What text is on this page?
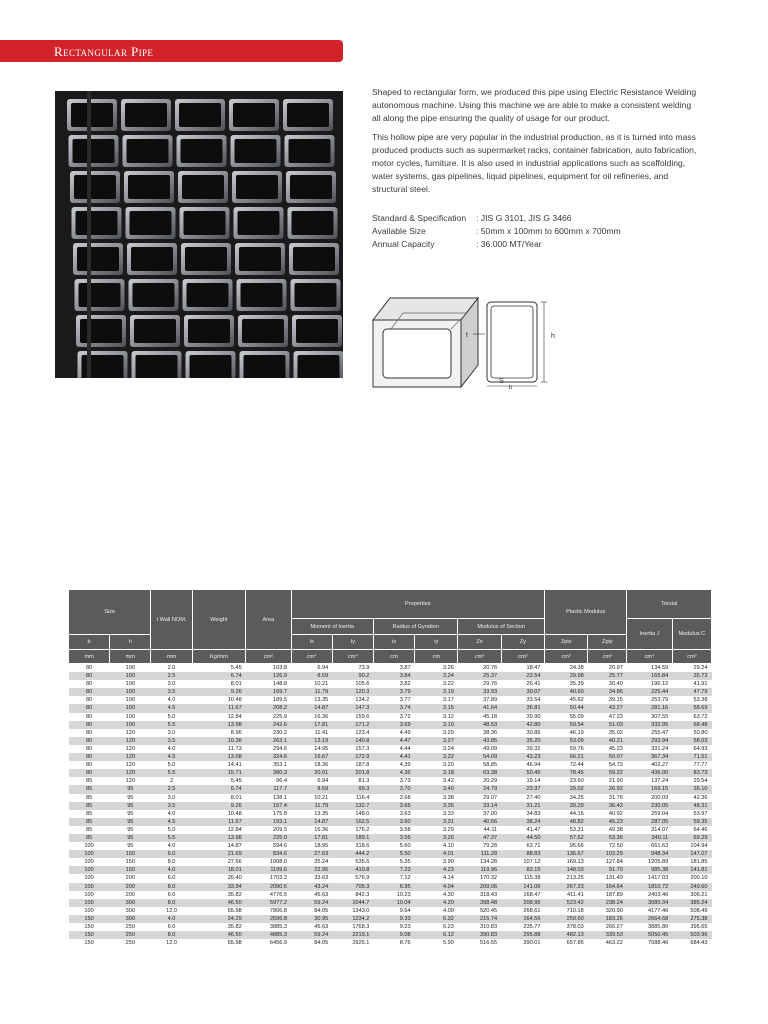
Rectangular Pipe

Shaped to rectangular form, we produced this pipe using Electric Resistance Welding autonomous machine. Using this machine we are able to make a consistent welding all along the pipe ensuring the quality of usage for our product.

This hollow pipe are very popular in the industrial production, as it is turned into mass produced products such as supermarket racks, container fabrication, auto fabrication, motor cycles, furniture. It is also used in industrial applications such as scaffolding, water systems, gas pipelines, liquid pipelines, equipment for oil refineries, and structural steel.

Standard & Specification	: JIS G 3101, JIS G 3466
Available Size	: 50mm x 100mm to 600mm x 700mm
Annual Capacity	: 36.000 MT/Year
h
t
S
b
Size		t Wall NOM.	Weight	Area	Properties						Plastic Modulus		Torsial	
					Moment of Inertia		Radius of Gyration		Modulus of Section				Inertia J	Modulus C
b	h				Ix	Iy	ix	iy	Zx	Zy	Zpix	Zpiy		
mm	mm	mm	Kg/mm	cm²	cm⁴	cm⁴	cm	cm	cm³	cm³	cm³	cm³	cm⁴	cm³
80	100	2.0	5.45	103.8	6.94	73.9	3.87	3.26	20.76	18.47	24.38	20.97	134.59	29.24
80	100	2.5	6.74	126.9	8.59	90.2	3.84	3.24	25.37	22.54	29.98	25.77	165.84	35.73
80	100	3.0	8.01	148.8	10.21	105.6	3.82	3.22	29.76	26.41	35.39	30.40	196.12	41.91
80	100	3.5	9.26	169.7	11.79	120.3	3.79	3.19	33.93	30.07	40.60	34.86	225.44	47.79
80	100	4.0	10.48	189.5	13.35	134.2	3.77	3.17	37.89	33.54	45.62	39.15	253.79	53.38
80	100	4.5	11.67	208.2	14.87	147.3	3.74	3.15	41.64	36.81	50.44	43.27	281.16	58.69
80	100	5.0	12.84	225.9	16.36	159.6	3.72	3.12	45.18	39.90	55.09	47.23	307.55	63.72
80	100	5.5	13.98	242.6	17.81	171.2	3.69	3.10	48.53	42.80	59.54	51.03	332.95	68.48
80	120	3.0	8.96	230.2	11.41	123.4	4.49	3.29	38.36	30.86	46.19	35.02	255.47	50.80
80	120	3.5	10.36	263.1	13.19	140.8	4.47	3.27	43.85	35.20	53.09	40.21	293.94	58.03
80	120	4.0	11.73	294.6	14.95	157.3	4.44	3.24	49.09	39.32	59.76	45.23	331.24	64.93
80	120	4.5	13.08	324.6	16.67	172.9	4.41	3.22	54.09	43.23	66.21	50.07	367.34	71.51
80	120	5.0	14.41	353.1	18.36	187.8	4.39	3.20	58.85	46.94	72.44	54.73	402.27	77.77
80	120	5.5	15.71	380.3	20.01	201.8	4.36	3.18	63.38	50.45	78.45	59.22	436.00	83.73
85	120	2	5.45	96.4	6.94	81.3	3.73	3.42	20.29	19.14	23.60	21.90	137.24	29.54
85	95	2.5	6.74	117.7	8.59	99.3	3.70	3.40	24.79	23.37	29.02	26.92	169.15	36.10
85	95	3.0	8.01	138.1	10.21	116.4	3.68	3.38	29.07	27.40	34.25	31.76	200.09	42.36
85	95	3.5	9.26	157.4	11.79	132.7	3.65	3.35	33.14	31.21	39.29	36.42	230.05	48.31
85	95	4.0	10.48	175.8	13.35	148.0	3.63	3.33	37.00	34.83	44.15	40.92	259.04	53.97
85	95	4.5	11.67	193.1	14.87	162.5	3.60	3.31	40.66	38.24	48.82	45.23	287.05	59.35
85	95	5.0	12.84	209.5	16.36	176.2	3.58	3.29	44.11	41.47	53.31	49.38	314.07	64.46
85	95	5.5	13.98	225.0	17.81	189.1	3.55	3.26	47.37	44.50	57.62	53.36	340.11	69.29
100	95	4.0	14.87	594.6	18.95	318.6	5.60	4.10	79.28	63.71	95.66	72.50	661.63	104.94
100	150	6.0	21.69	834.6	27.63	444.2	5.50	4.01	111.28	88.83	136.67	103.29	948.34	147.07
100	150	8.0	27.66	1008.0	35.24	535.6	5.35	3.90	134.28	107.12	169.13	127.84	1205.89	181.85
100	150	4.0	18.01	1199.6	22.95	410.8	7.23	4.23	119.96	82.15	148.03	91.70	985.38	141.81
100	200	6.0	26.40	1703.2	33.63	576.9	7.12	4.14	170.32	115.38	213.25	131.49	1417.03	200.10
100	200	8.0	33.94	2090.6	43.24	705.3	6.95	4.04	209.06	141.06	267.23	164.64	1810.72	249.60
100	200	6.0	35.82	4776.5	45.63	842.3	10.23	4.30	318.43	168.47	411.41	187.89	2403.46	306.21
100	300	8.0	46.50	5977.2	59.24	1044.7	10.04	4.20	398.48	208.95	523.42	238.24	3080.34	385.24
100	300	12.0	65.98	7806.8	84.05	1343.0	9.64	4.00	520.45	268.61	710.18	320.90	4177.46	508.49
150	300	4.0	24.29	2696.8	30.95	1234.2	9.33	6.32	215.74	164.56	259.60	183.26	2664.68	275.38
150	250	6.0	35.82	3885.3	45.63	1768.3	9.23	6.23	310.83	235.77	378.03	266.27	3885.80	395.65
150	250	8.0	46.50	4885.3	59.24	2219.1	9.08	6.12	390.83	295.88	482.13	339.53	5050.45	503.96
150	250	12.0	65.98	6456.9	84.05	2925.1	8.76	5.90	516.55	390.01	657.86	463.22	7088.46	684.43
